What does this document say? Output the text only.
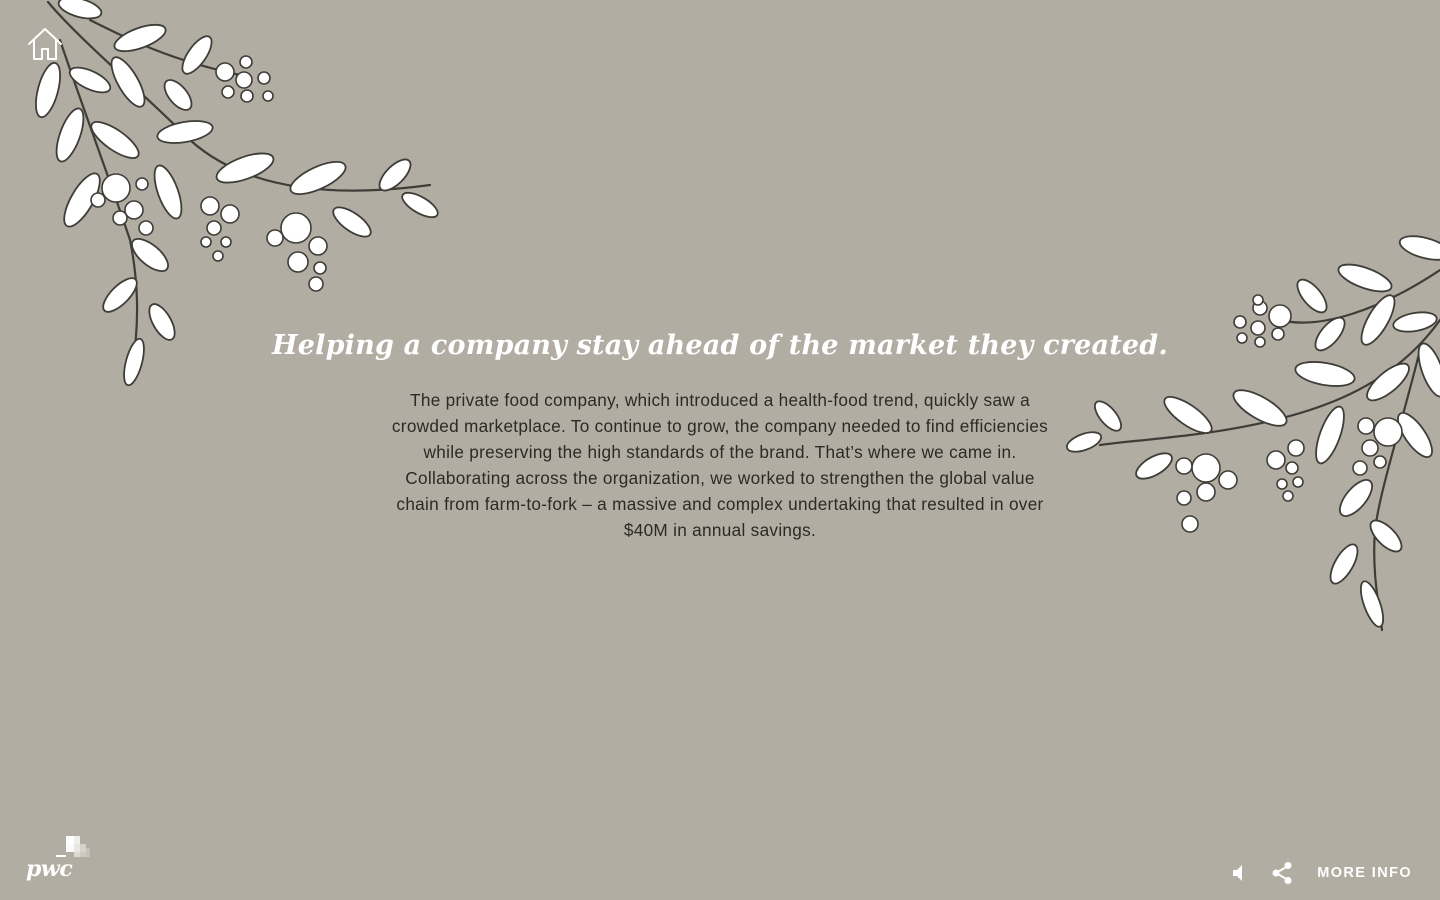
Helping a company stay ahead of the market they created.

The private food company, which introduced a health-food trend, quickly saw a crowded marketplace. To continue to grow, the company needed to find efficiencies while preserving the high standards of the brand. That’s where we came in. Collaborating across the organization, we worked to strengthen the global value chain from farm-to-fork – a massive and complex undertaking that resulted in over $40M in annual savings.

pwc	MORE INFO
